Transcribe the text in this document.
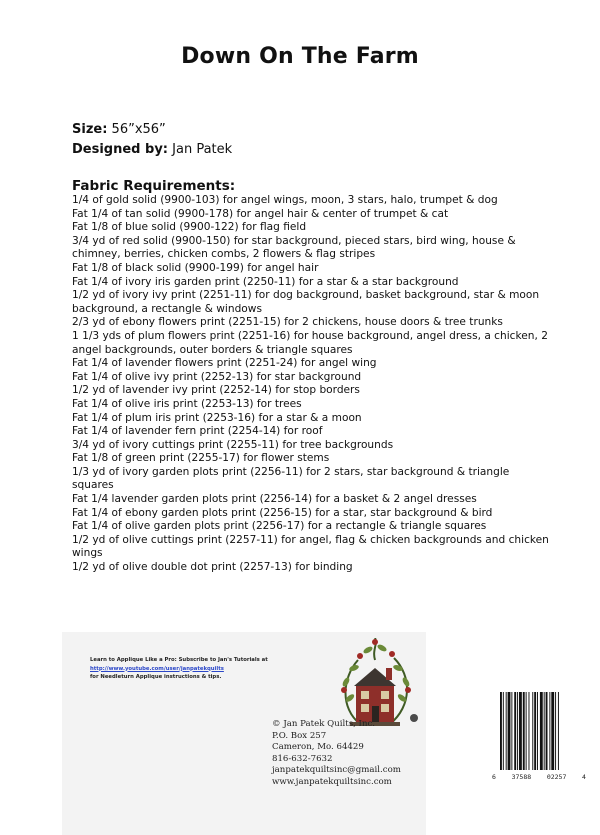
Down On The Farm
Size: 56”x56”
Designed by: Jan Patek
Fabric Requirements:
1/4 of gold solid (9900-103) for angel wings, moon, 3 stars, halo, trumpet & dog
Fat 1/4 of tan solid (9900-178) for angel hair & center of trumpet & cat
Fat 1/8 of blue solid (9900-122) for flag field
3/4 yd of red solid (9900-150) for star background, pieced stars, bird wing, house & chimney, berries, chicken combs, 2 flowers & flag stripes
Fat 1/8 of black solid (9900-199) for angel hair
Fat 1/4 of ivory iris garden print (2250-11) for a star & a star background
1/2 yd of ivory ivy print (2251-11) for dog background, basket background, star & moon background, a rectangle & windows
2/3 yd of ebony flowers print (2251-15) for 2 chickens, house doors & tree trunks
1 1/3 yds of plum flowers print (2251-16) for house background, angel dress, a chicken, 2 angel backgrounds, outer borders & triangle squares
Fat 1/4 of lavender flowers print (2251-24) for angel wing
Fat 1/4 of olive ivy print (2252-13) for star background
1/2 yd of lavender ivy print (2252-14) for stop borders
Fat 1/4 of olive iris print (2253-13) for trees
Fat 1/4 of plum iris print (2253-16) for a star & a moon
Fat 1/4 of lavender fern print (2254-14) for roof
3/4 yd of ivory cuttings print (2255-11) for tree backgrounds
Fat 1/8 of green print (2255-17) for flower stems
1/3 yd of ivory garden plots print (2256-11) for 2 stars, star background & triangle squares
Fat 1/4 lavender garden plots print (2256-14) for a basket & 2 angel dresses
Fat 1/4 of ebony garden plots print (2256-15) for a star, star background & bird
Fat 1/4 of olive garden plots print (2256-17) for a rectangle & triangle squares
1/2 yd of olive cuttings print (2257-11) for angel, flag & chicken backgrounds and chicken wings
1/2 yd of olive double dot print (2257-13) for binding
Learn to Applique Like a Pro: Subscribe to Jan's Tutorials at
http://www.youtube.com/user/janpatekquilts
for Needleturn Applique instructions & tips.
© Jan Patek Quilts, Inc.
P.O. Box 257
Cameron, Mo. 64429
816-632-7632
janpatekquiltsinc@gmail.com
www.janpatekquiltsinc.com	6 37588 02257 4
